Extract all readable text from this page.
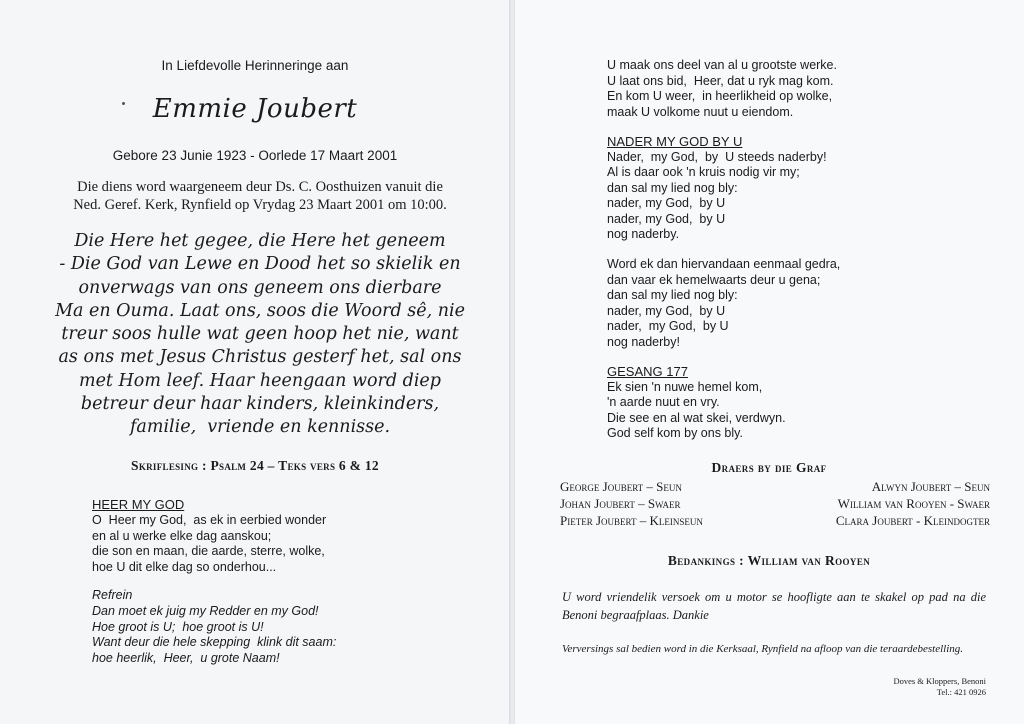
In Liefdevolle Herinneringe aan
Emmie Joubert
Gebore 23 Junie 1923 - Oorlede 17 Maart 2001
Die diens word waargeneem deur Ds. C. Oosthuizen vanuit die
Ned. Geref. Kerk, Rynfield op Vrydag 23 Maart 2001 om 10:00.
Die Here het gegee, die Here het geneem
- Die God van Lewe en Dood het so skielik en
onverwags van ons geneem ons dierbare
Ma en Ouma. Laat ons, soos die Woord sê, nie
treur soos hulle wat geen hoop het nie, want
as ons met Jesus Christus gesterf het, sal ons
met Hom leef. Haar heengaan word diep
betreur deur haar kinders, kleinkinders,
familie,  vriende en kennisse.
Skriflesing : Psalm 24 – Teks vers 6 & 12
HEER MY GOD
O  Heer my God,  as ek in eerbied wonder
en al u werke elke dag aanskou;
die son en maan, die aarde, sterre, wolke,
hoe U dit elke dag so onderhou...
Refrein
Dan moet ek juig my Redder en my God!
Hoe groot is U;  hoe groot is U!
Want deur die hele skepping  klink dit saam:
hoe heerlik,  Heer,  u grote Naam!
U maak ons deel van al u grootste werke.
U laat ons bid,  Heer, dat u ryk mag kom.
En kom U weer,  in heerlikheid op wolke,
maak U volkome nuut u eiendom.
NADER MY GOD BY U
Nader,  my God,  by  U steeds naderby!
Al is daar ook 'n kruis nodig vir my;
dan sal my lied nog bly:
nader, my God,  by U
nader, my God,  by U
nog naderby.
Word ek dan hiervandaan eenmaal gedra,
dan vaar ek hemelwaarts deur u gena;
dan sal my lied nog bly:
nader, my God,  by U
nader,  my God,  by U
nog naderby!
GESANG 177
Ek sien 'n nuwe hemel kom,
'n aarde nuut en vry.
Die see en al wat skei, verdwyn.
God self kom by ons bly.
Draers by die Graf
George Joubert – Seun	Alwyn Joubert – Seun
Johan Joubert – Swaer	William van Rooyen - Swaer
Pieter Joubert – Kleinseun	Clara Joubert - Kleindogter
Bedankings : William van Rooyen
U word vriendelik versoek om u motor se hoofligte aan te skakel op pad na die Benoni begraafplaas. Dankie
Verversings sal bedien word in die Kerksaal, Rynfield na afloop van die teraardebestelling.
Doves & Kloppers, Benoni
Tel.: 421 0926
